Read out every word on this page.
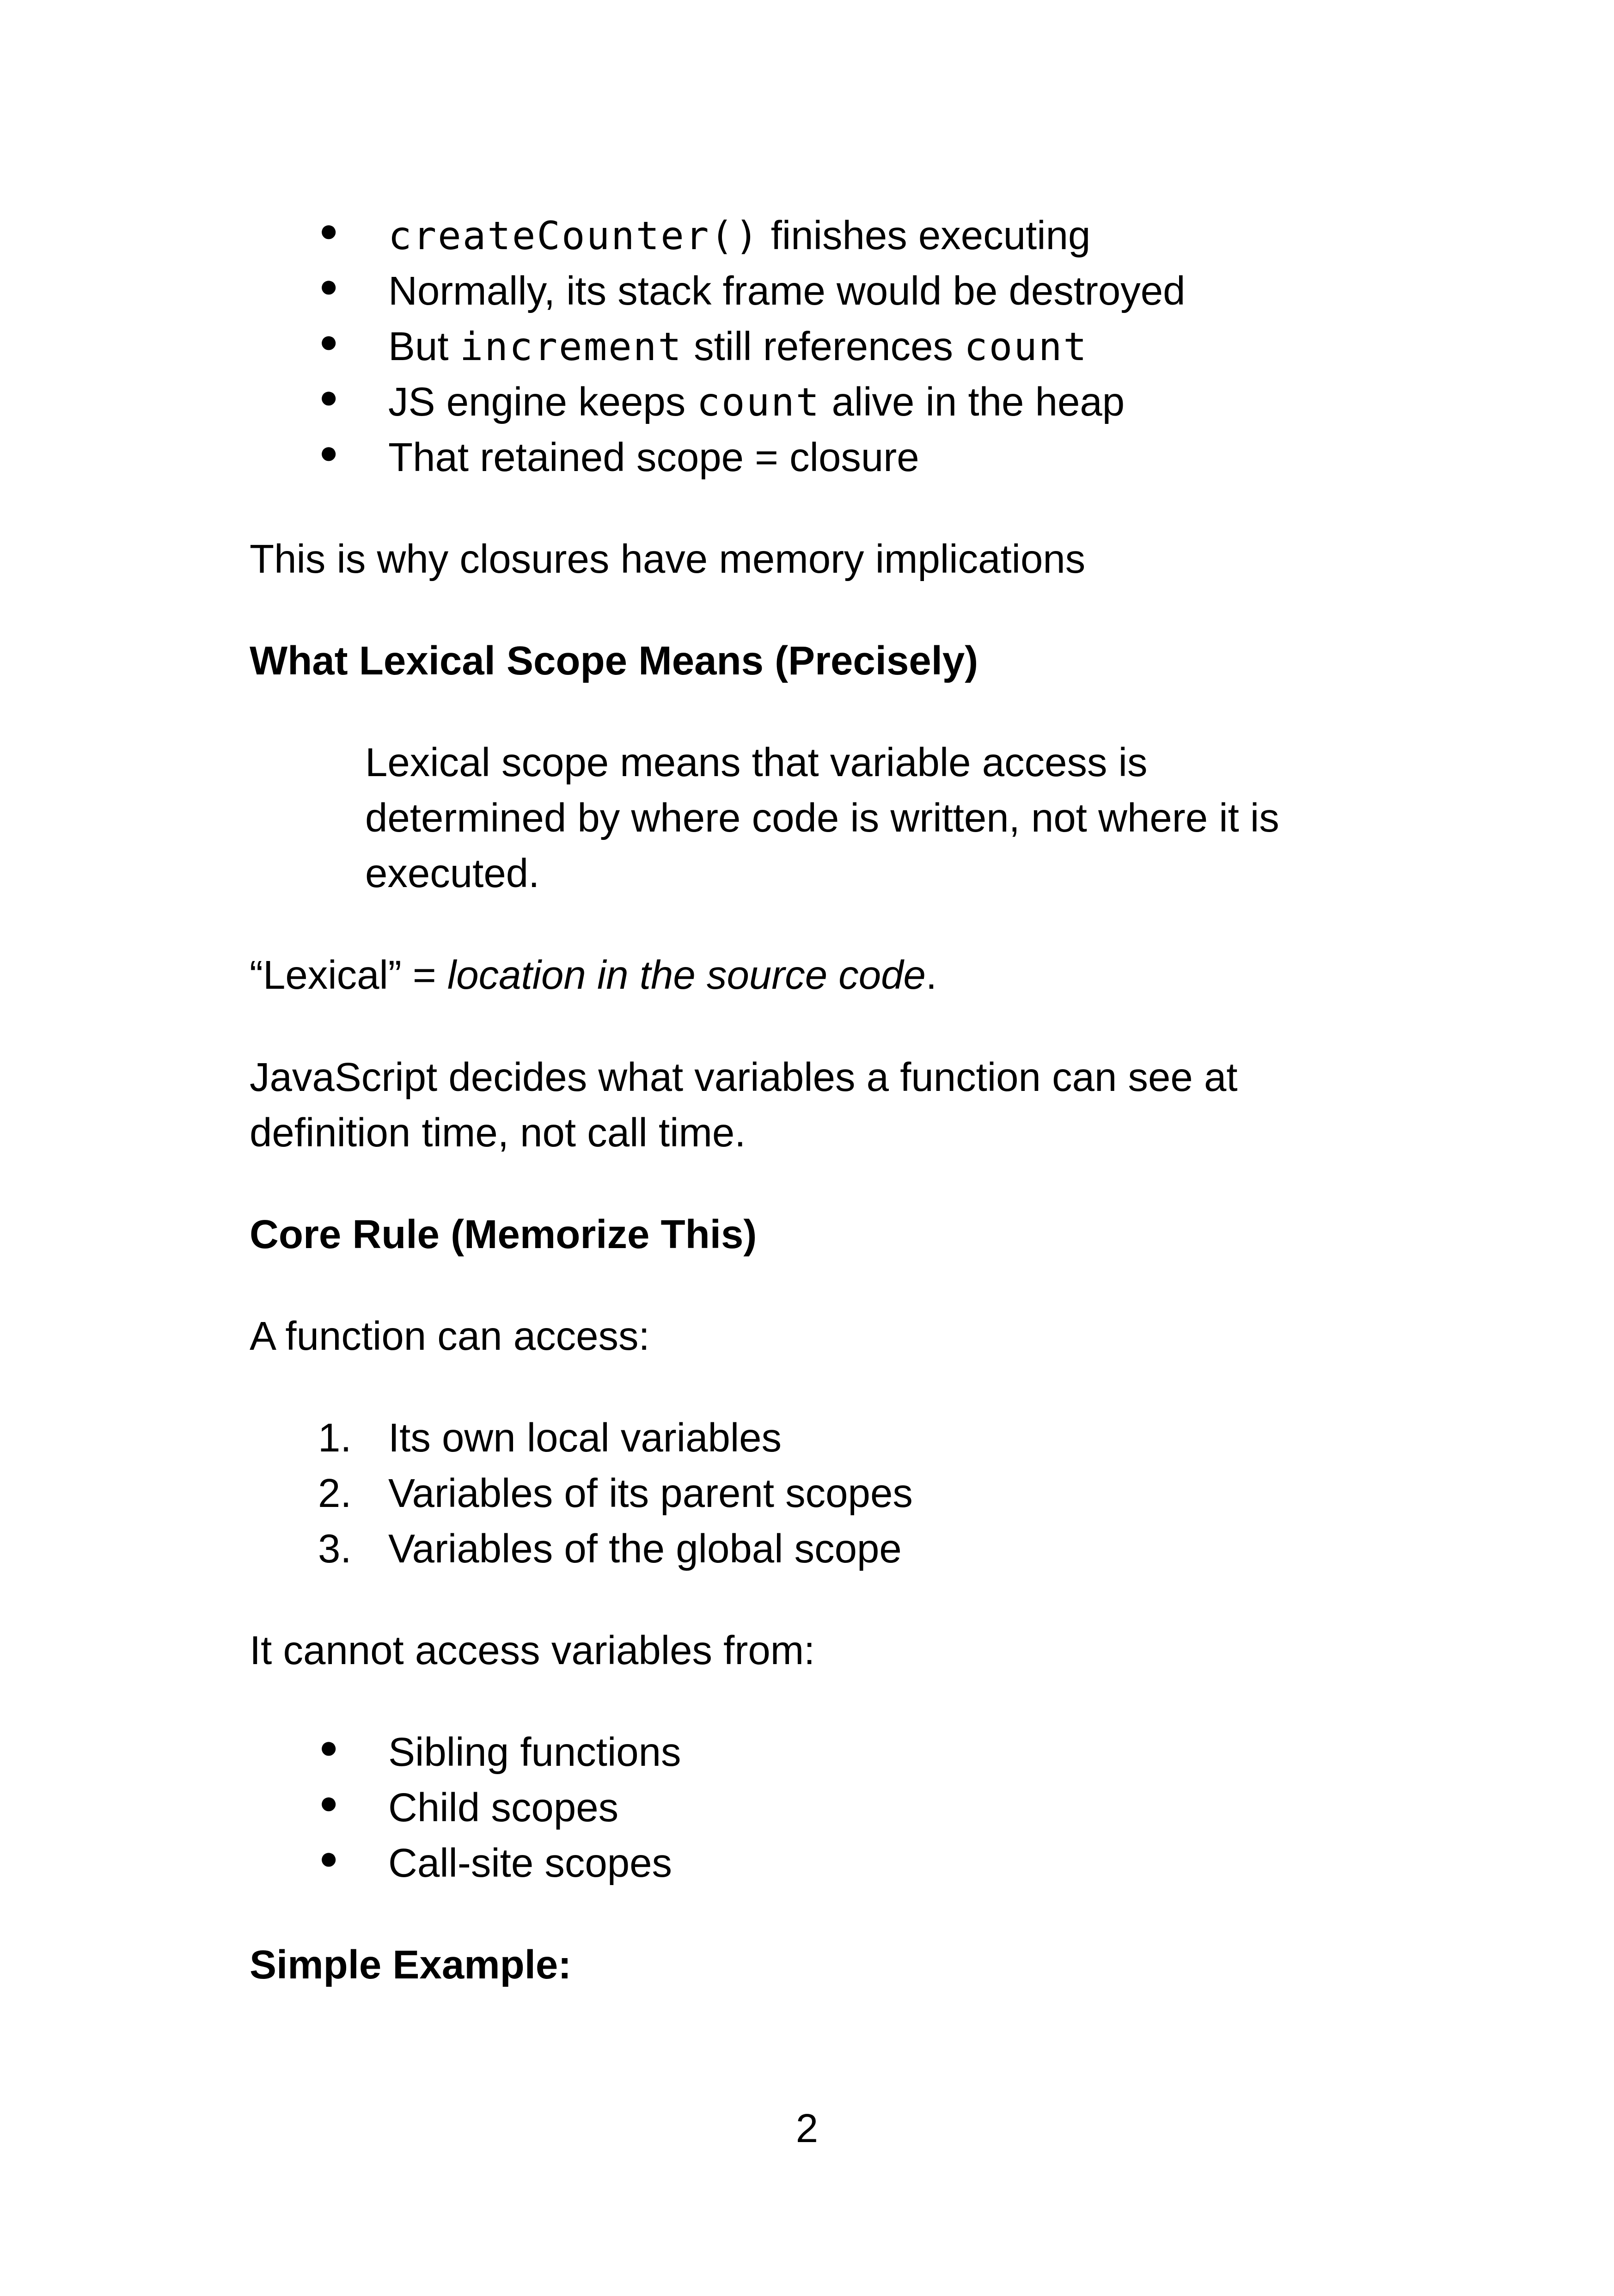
● createCounter() finishes executing
● Normally, its stack frame would be destroyed
● But increment still references count
● JS engine keeps count alive in the heap
● That retained scope = closure

This is why closures have memory implications

What Lexical Scope Means (Precisely)

Lexical scope means that variable access is determined by where code is written, not where it is executed.

“Lexical” = location in the source code.

JavaScript decides what variables a function can see at definition time, not call time.

Core Rule (Memorize This)

A function can access:

1. Its own local variables
2. Variables of its parent scopes
3. Variables of the global scope

It cannot access variables from:

● Sibling functions
● Child scopes
● Call-site scopes

Simple Example:

2
